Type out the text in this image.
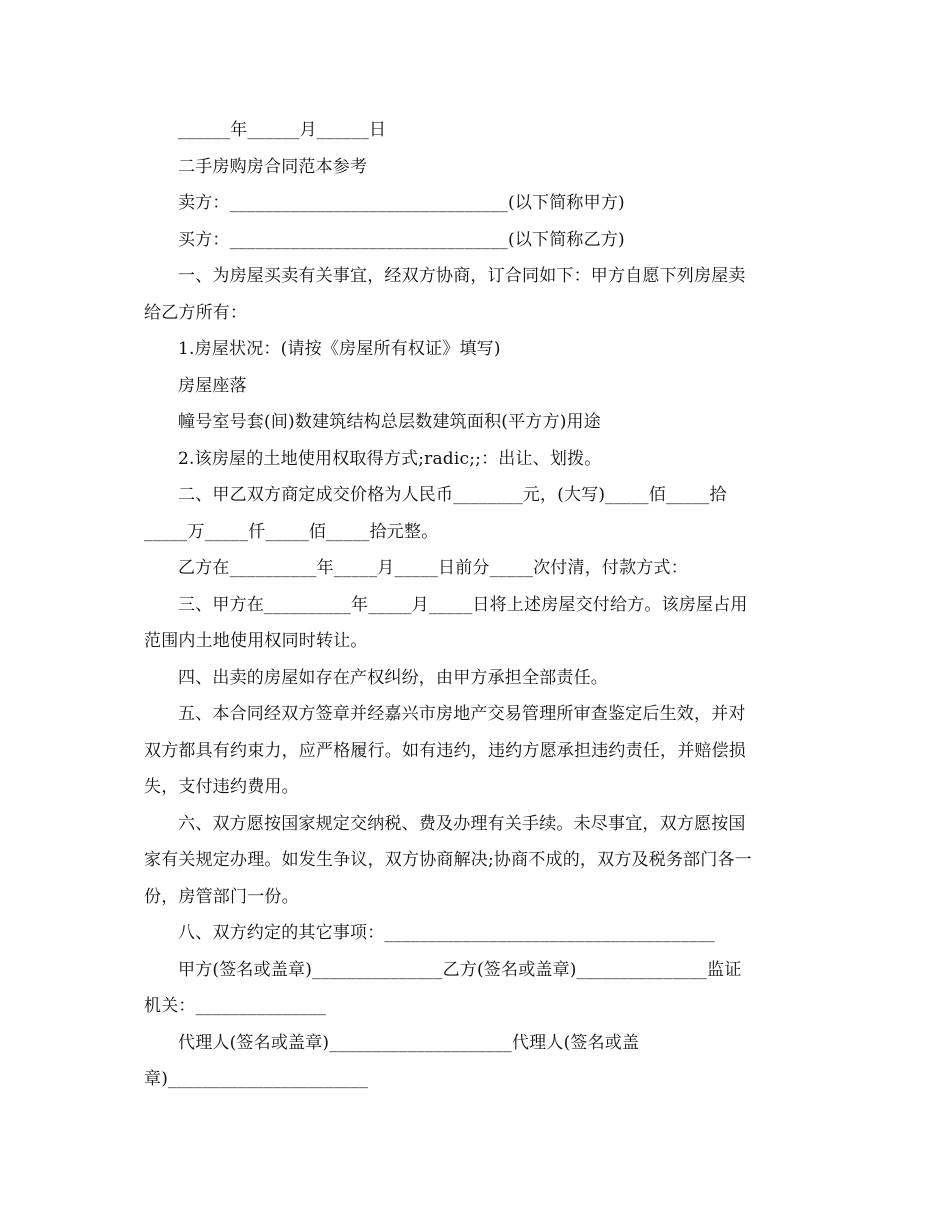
______年______月______日
二手房购房合同范本参考
卖方：________________________________(以下简称甲方)
买方：________________________________(以下简称乙方)
一、为房屋买卖有关事宜，经双方协商，订合同如下：甲方自愿下列房屋卖
给乙方所有：
1.房屋状况：(请按《房屋所有权证》填写)
房屋座落
幢号室号套(间)数建筑结构总层数建筑面积(平方方)用途
2.该房屋的土地使用权取得方式;radic;;：出让、划拨。
二、甲乙双方商定成交价格为人民币________元，(大写)_____佰_____拾
_____万_____仟_____佰_____拾元整。
乙方在__________年_____月_____日前分_____次付清，付款方式：
三、甲方在__________年_____月_____日将上述房屋交付给方。该房屋占用
范围内土地使用权同时转让。
四、出卖的房屋如存在产权纠纷，由甲方承担全部责任。
五、本合同经双方签章并经嘉兴市房地产交易管理所审查鉴定后生效，并对
双方都具有约束力，应严格履行。如有违约，违约方愿承担违约责任，并赔偿损
失，支付违约费用。
六、双方愿按国家规定交纳税、费及办理有关手续。未尽事宜，双方愿按国
家有关规定办理。如发生争议，双方协商解决;协商不成的，双方及税务部门各一
份，房管部门一份。
八、双方约定的其它事项：______________________________________
甲方(签名或盖章)_______________乙方(签名或盖章)_______________监证
机关：_______________
代理人(签名或盖章)_____________________代理人(签名或盖
章)_______________________
